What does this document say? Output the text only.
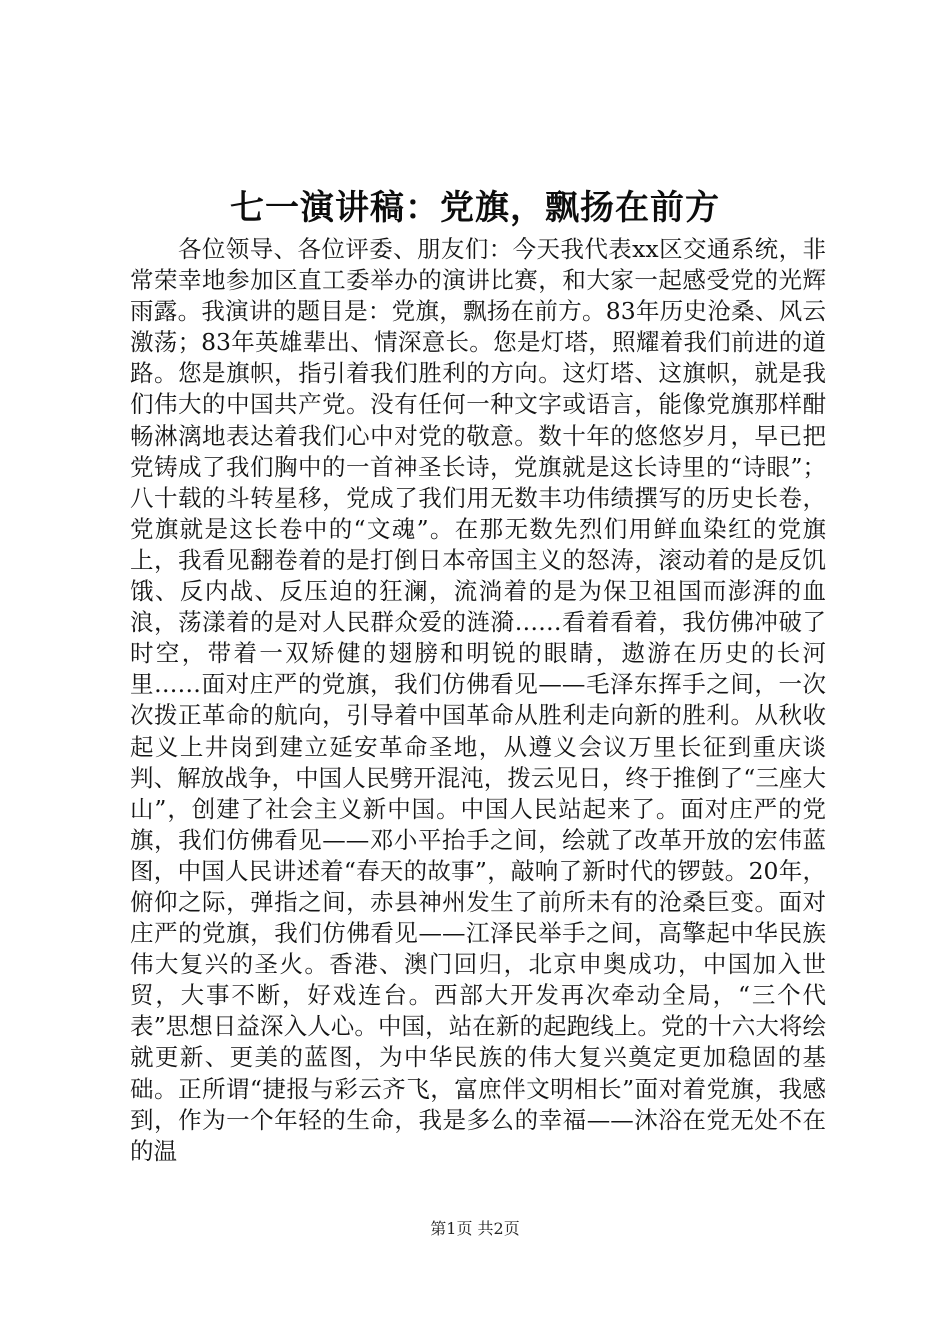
七一演讲稿：党旗，飘扬在前方

各位领导、各位评委、朋友们：今天我代表xx区交通系统，非常荣幸地参加区直工委举办的演讲比赛，和大家一起感受党的光辉雨露。我演讲的题目是：党旗，飘扬在前方。83年历史沧桑、风云激荡；83年英雄辈出、情深意长。您是灯塔，照耀着我们前进的道路。您是旗帜，指引着我们胜利的方向。这灯塔、这旗帜，就是我们伟大的中国共产党。没有任何一种文字或语言，能像党旗那样酣畅淋漓地表达着我们心中对党的敬意。数十年的悠悠岁月，早已把党铸成了我们胸中的一首神圣长诗，党旗就是这长诗里的“诗眼”；八十载的斗转星移，党成了我们用无数丰功伟绩撰写的历史长卷，党旗就是这长卷中的“文魂”。在那无数先烈们用鲜血染红的党旗上，我看见翻卷着的是打倒日本帝国主义的怒涛，滚动着的是反饥饿、反内战、反压迫的狂澜，流淌着的是为保卫祖国而澎湃的血浪，荡漾着的是对人民群众爱的涟漪……看着看着，我仿佛冲破了时空，带着一双矫健的翅膀和明锐的眼睛，遨游在历史的长河里……面对庄严的党旗，我们仿佛看见——毛泽东挥手之间，一次次拨正革命的航向，引导着中国革命从胜利走向新的胜利。从秋收起义上井岗到建立延安革命圣地，从遵义会议万里长征到重庆谈判、解放战争，中国人民劈开混沌，拨云见日，终于推倒了“三座大山”，创建了社会主义新中国。中国人民站起来了。面对庄严的党旗，我们仿佛看见——邓小平抬手之间，绘就了改革开放的宏伟蓝图，中国人民讲述着“春天的故事”，敲响了新时代的锣鼓。20年，俯仰之际，弹指之间，赤县神州发生了前所未有的沧桑巨变。面对庄严的党旗，我们仿佛看见——江泽民举手之间，高擎起中华民族伟大复兴的圣火。香港、澳门回归，北京申奥成功，中国加入世贸，大事不断，好戏连台。西部大开发再次牵动全局，“三个代表”思想日益深入人心。中国，站在新的起跑线上。党的十六大将绘就更新、更美的蓝图，为中华民族的伟大复兴奠定更加稳固的基础。正所谓“捷报与彩云齐飞，富庶伴文明相长”面对着党旗，我感到，作为一个年轻的生命，我是多么的幸福——沐浴在党无处不在的温

第1页 共2页
